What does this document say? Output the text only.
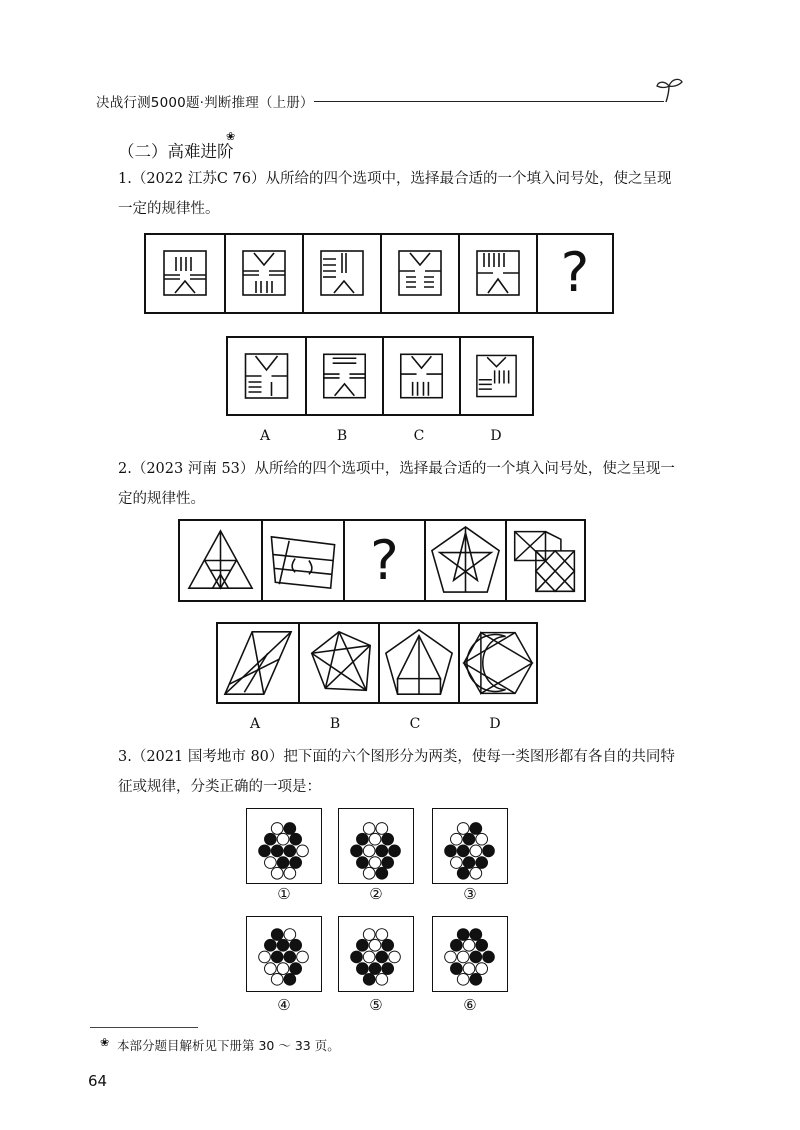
决战行测5000题·判断推理（上册）
（二）高难进阶
❀
1.（2022 江苏C 76）从所给的四个选项中，选择最合适的一个填入问号处，使之呈现一定的规律性。
?
A	B	C	D
2.（2023 河南 53）从所给的四个选项中，选择最合适的一个填入问号处，使之呈现一定的规律性。
?
A	B	C	D
3.（2021 国考地市 80）把下面的六个图形分为两类，使每一类图形都有各自的共同特征或规律，分类正确的一项是：
①	②	③
④	⑤	⑥
❀ 本部分题目解析见下册第 30 ～ 33 页。
64
